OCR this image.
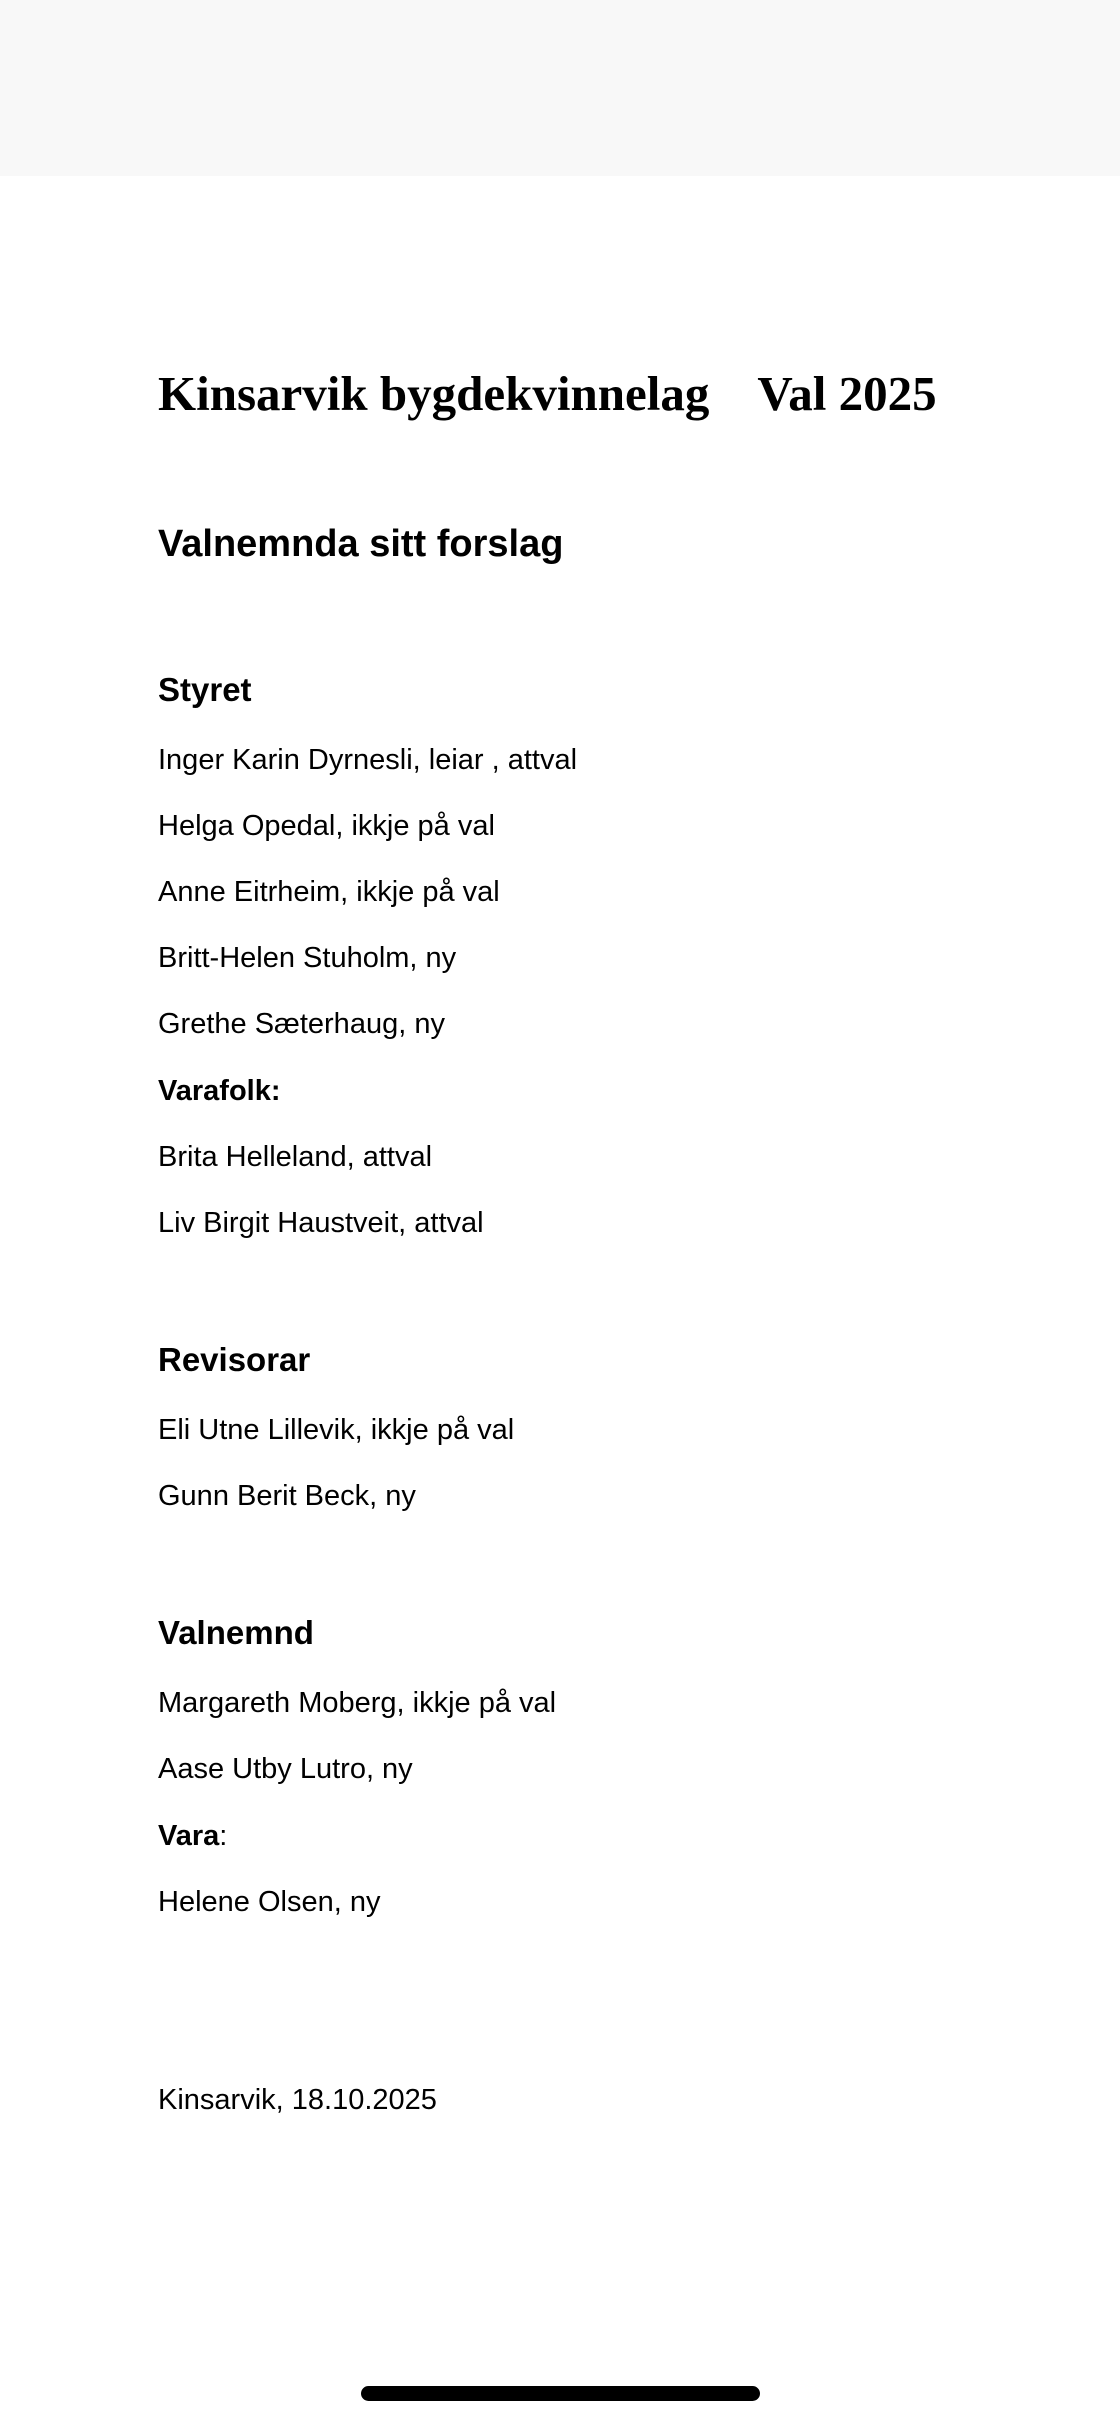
Kinsarvik bygdekvinnelag Val 2025
Valnemnda sitt forslag
Styret
Inger Karin Dyrnesli, leiar , attval
Helga Opedal, ikkje på val
Anne Eitrheim, ikkje på val
Britt-Helen Stuholm, ny
Grethe Sæterhaug, ny
Varafolk:
Brita Helleland, attval
Liv Birgit Haustveit, attval
Revisorar
Eli Utne Lillevik, ikkje på val
Gunn Berit Beck, ny
Valnemnd
Margareth Moberg, ikkje på val
Aase Utby Lutro, ny
Vara:
Helene Olsen, ny
Kinsarvik, 18.10.2025
